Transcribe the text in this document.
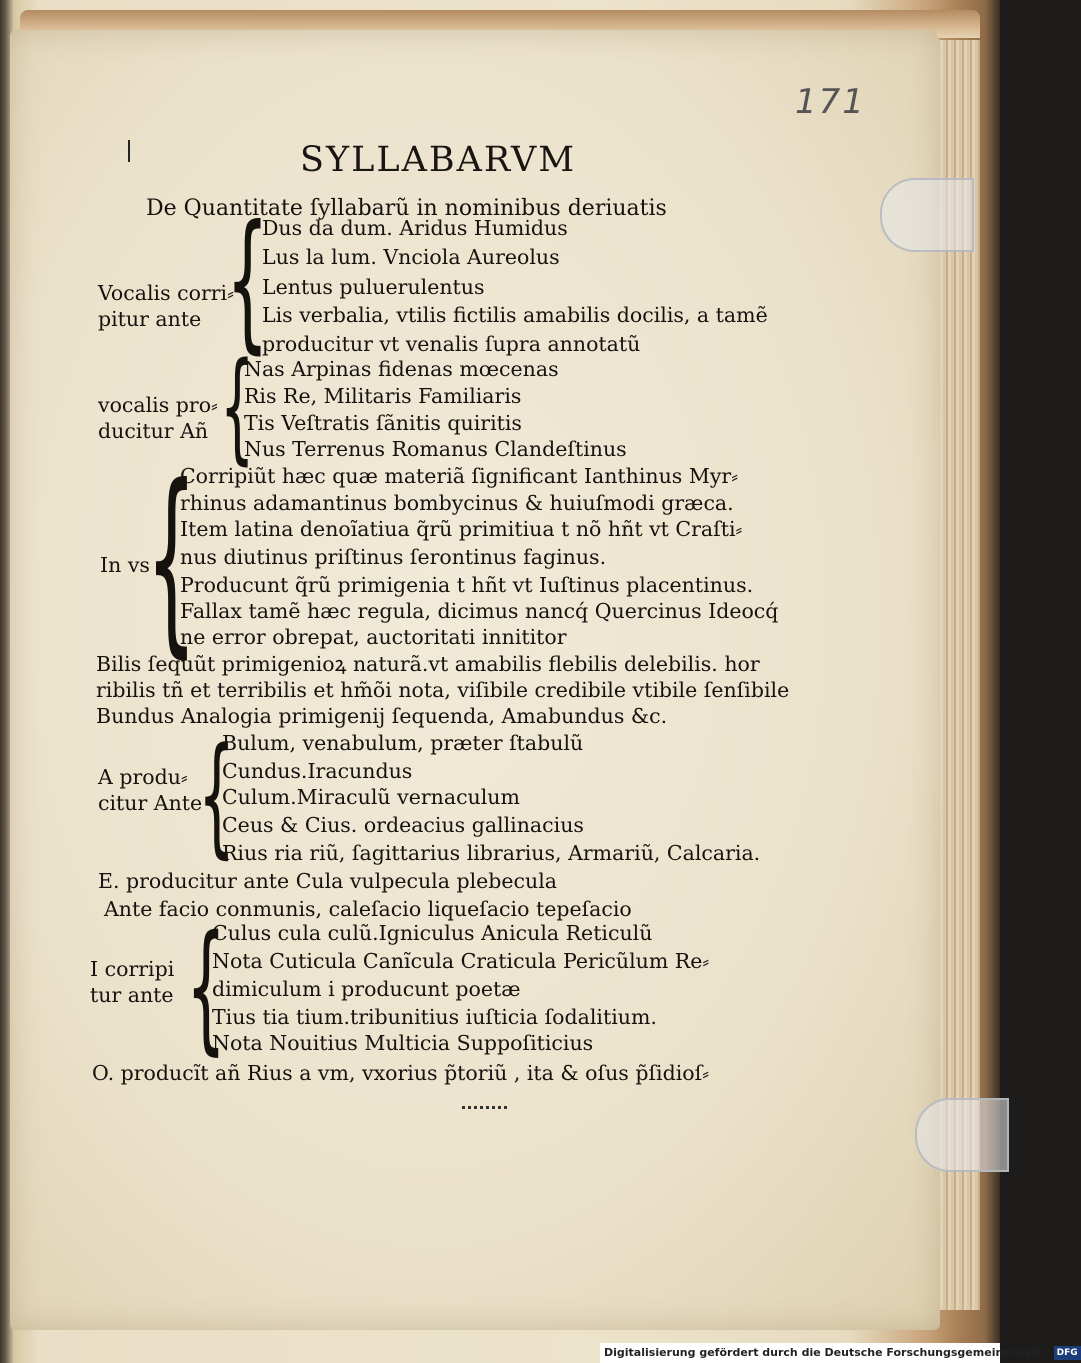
171
SYLLABARVM
De Quantitate ſyllabarũ in nominibus deriuatis
Vocalis corri⸗
pitur ante {
Dus da dum. Aridus Humidus
Lus la lum. Vnciola Aureolus
Lentus puluerulentus
Lis verbalia, vtilis fictilis amabilis docilis, a tamẽ
producitur vt venalis ſupra annotatũ
vocalis pro⸗
ducitur Añ {
Nas Arpinas fidenas mœcenas
Ris Re, Militaris Familiaris
Tis Veſtratis ſãnitis quiritis
Nus Terrenus Romanus Clandeſtinus
In vs
{
Corripiũt hæc quæ materiã ſignificant Ianthinus Myr⸗
rhinus adamantinus bombycinus & huiuſmodi græca.
Item latina denoĩatiua q̃rũ primitiua t nõ hñt vt Craſti⸗
nus diutinus priſtinus ſerontinus faginus.
Producunt q̃rũ primigenia t hñt vt Iuſtinus placentinus.
Fallax tamẽ hæc regula, dicimus nancq́ Quercinus Ideocq́
ne error obrepat, auctoritati innititor
Bilis ſequũt primigenioꝝ naturã.vt amabilis flebilis delebilis. hor
ribilis tñ et terribilis et hm̃õi nota, viſibile credibile vtibile ſenſibile
Bundus Analogia primigenij ſequenda, Amabundus &c.
A produ⸗
citur Ante
{
Bulum, venabulum, præter ſtabulũ
Cundus.Iracundus
Culum.Miraculũ vernaculum
Ceus & Cius. ordeacius gallinacius
Rius ria riũ, ſagittarius librarius, Armariũ, Calcaria.
E. producitur ante Cula vulpecula plebecula
Ante facio conmunis, caleſacio liqueſacio tepeſacio
I corripi
tur ante {
Culus cula culũ.Igniculus Anicula Reticulũ
Nota Cuticula Canĩcula Craticula Pericũlum Re⸗
dimiculum i producunt poetæ
Tius tia tium.tribunitius iuſticia ſodalitium.
Nota Nouitius Multicia Suppoſiticius
O. producĩt añ Rius a vm, vxorius p̃toriũ , ita & oſus p̃ſidioſ⸗
Digitalisierung gefördert durch die Deutsche Forschungsgemeinschaft · DFG
